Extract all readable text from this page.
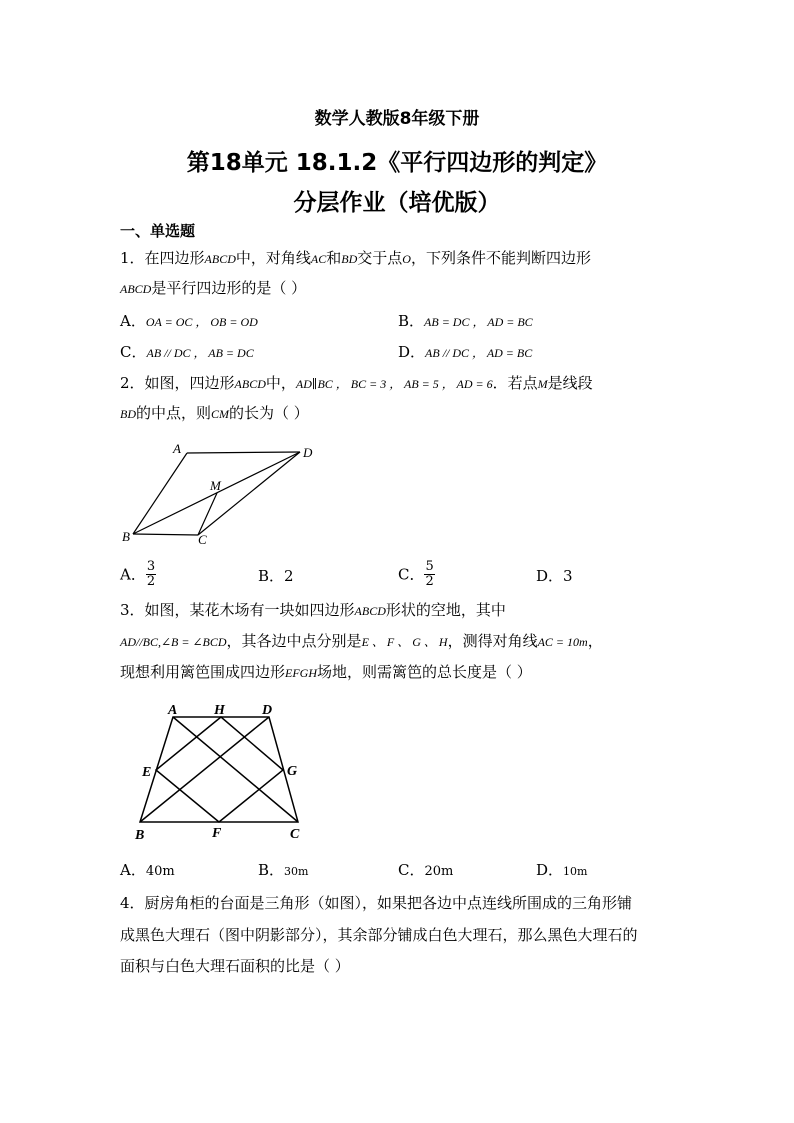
数学人教版8年级下册
第18单元 18.1.2《平行四边形的判定》
分层作业（培优版）
一、单选题
1．在四边形ABCD中，对角线AC和BD交于点O，下列条件不能判断四边形
ABCD是平行四边形的是（ ）
A．OA = OC ， OB = OD	B．AB = DC ， AD = BC
C．AB // DC ， AB = DC	D．AB // DC ， AD = BC
2．如图，四边形ABCD中，AD∥BC ， BC = 3 ， AB = 5 ， AD = 6．若点M是线段
BD的中点，则CM的长为（ ）
A	D
M
B	C
A． $\frac{3}{2}$	B．2	C． $\frac{5}{2}$	D．3
3．如图，某花木场有一块如四边形ABCD形状的空地，其中
AD//BC,∠B = ∠BCD，其各边中点分别是E 、 F 、 G 、 H，测得对角线AC = 10m，
现想利用篱笆围成四边形EFGH场地，则需篱笆的总长度是（ ）
A	H	D
E	G
B	F	C
A．40m	B．30m	C．20m	D．10m
4．厨房角柜的台面是三角形（如图），如果把各边中点连线所围成的三角形铺
成黑色大理石（图中阴影部分），其余部分铺成白色大理石，那么黑色大理石的
面积与白色大理石面积的比是（ ）
